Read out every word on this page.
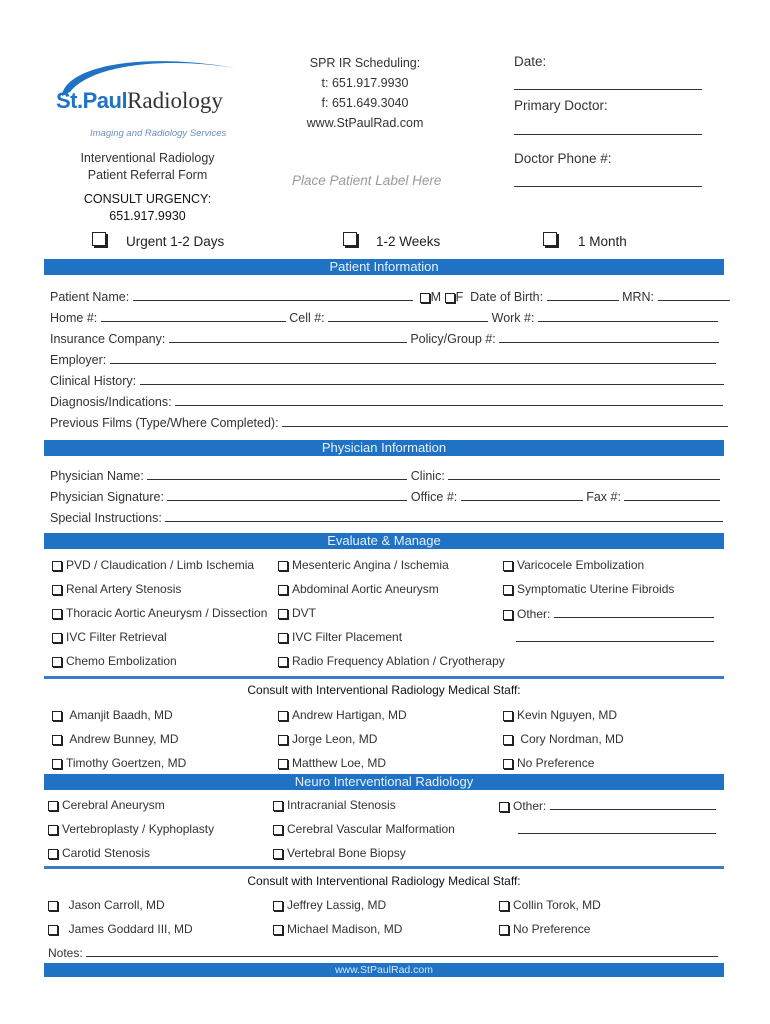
St.PaulRadiology
Imaging and Radiology Services
Interventional Radiology
Patient Referral Form
CONSULT URGENCY:
651.917.9930
SPR IR Scheduling:
t: 651.917.9930
f: 651.649.3040
www.StPaulRad.com
Place Patient Label Here
Date:
Primary Doctor:
Doctor Phone #:
Urgent 1-2 Days	1-2 Weeks	1 Month
Patient Information
Patient Name:	M F Date of Birth:	MRN:
Home #:	Cell #:	Work #:
Insurance Company:	Policy/Group #:
Employer:
Clinical History:
Diagnosis/Indications:
Previous Films (Type/Where Completed):
Physician Information
Physician Name:	Clinic:
Physician Signature:	Office #:	Fax #:
Special Instructions:
Evaluate & Manage
PVD / Claudication / Limb Ischemia	Mesenteric Angina / Ischemia	Varicocele Embolization
Renal Artery Stenosis	Abdominal Aortic Aneurysm	Symptomatic Uterine Fibroids
Thoracic Aortic Aneurysm / Dissection	DVT	Other:
IVC Filter Retrieval	IVC Filter Placement
Chemo Embolization	Radio Frequency Ablation / Cryotherapy
Consult with Interventional Radiology Medical Staff:
Amanjit Baadh, MD	Andrew Hartigan, MD	Kevin Nguyen, MD
Andrew Bunney, MD	Jorge Leon, MD	Cory Nordman, MD
Timothy Goertzen, MD	Matthew Loe, MD	No Preference
Neuro Interventional Radiology
Cerebral Aneurysm	Intracranial Stenosis	Other:
Vertebroplasty / Kyphoplasty	Cerebral Vascular Malformation
Carotid Stenosis	Vertebral Bone Biopsy
Consult with Interventional Radiology Medical Staff:
Jason Carroll, MD	Jeffrey Lassig, MD	Collin Torok, MD
James Goddard III, MD	Michael Madison, MD	No Preference
Notes:
www.StPaulRad.com
